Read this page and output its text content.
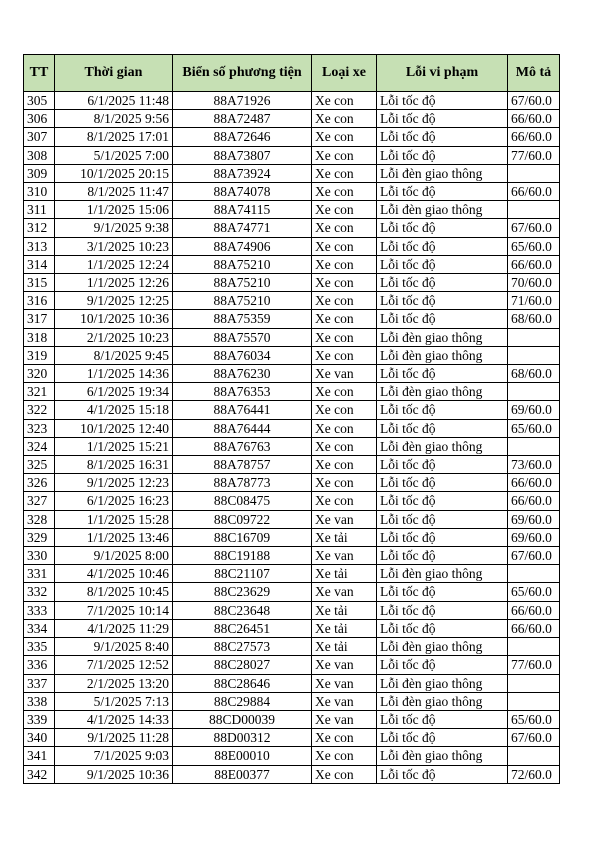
TT	Thời gian	Biển số phương tiện	Loại xe	Lỗi vi phạm	Mô tả
305	6/1/2025 11:48	88A71926	Xe con	Lỗi tốc độ	67/60.0
306	8/1/2025 9:56	88A72487	Xe con	Lỗi tốc độ	66/60.0
307	8/1/2025 17:01	88A72646	Xe con	Lỗi tốc độ	66/60.0
308	5/1/2025 7:00	88A73807	Xe con	Lỗi tốc độ	77/60.0
309	10/1/2025 20:15	88A73924	Xe con	Lỗi đèn giao thông	
310	8/1/2025 11:47	88A74078	Xe con	Lỗi tốc độ	66/60.0
311	1/1/2025 15:06	88A74115	Xe con	Lỗi đèn giao thông	
312	9/1/2025 9:38	88A74771	Xe con	Lỗi tốc độ	67/60.0
313	3/1/2025 10:23	88A74906	Xe con	Lỗi tốc độ	65/60.0
314	1/1/2025 12:24	88A75210	Xe con	Lỗi tốc độ	66/60.0
315	1/1/2025 12:26	88A75210	Xe con	Lỗi tốc độ	70/60.0
316	9/1/2025 12:25	88A75210	Xe con	Lỗi tốc độ	71/60.0
317	10/1/2025 10:36	88A75359	Xe con	Lỗi tốc độ	68/60.0
318	2/1/2025 10:23	88A75570	Xe con	Lỗi đèn giao thông	
319	8/1/2025 9:45	88A76034	Xe con	Lỗi đèn giao thông	
320	1/1/2025 14:36	88A76230	Xe van	Lỗi tốc độ	68/60.0
321	6/1/2025 19:34	88A76353	Xe con	Lỗi đèn giao thông	
322	4/1/2025 15:18	88A76441	Xe con	Lỗi tốc độ	69/60.0
323	10/1/2025 12:40	88A76444	Xe con	Lỗi tốc độ	65/60.0
324	1/1/2025 15:21	88A76763	Xe con	Lỗi đèn giao thông	
325	8/1/2025 16:31	88A78757	Xe con	Lỗi tốc độ	73/60.0
326	9/1/2025 12:23	88A78773	Xe con	Lỗi tốc độ	66/60.0
327	6/1/2025 16:23	88C08475	Xe con	Lỗi tốc độ	66/60.0
328	1/1/2025 15:28	88C09722	Xe van	Lỗi tốc độ	69/60.0
329	1/1/2025 13:46	88C16709	Xe tải	Lỗi tốc độ	69/60.0
330	9/1/2025 8:00	88C19188	Xe van	Lỗi tốc độ	67/60.0
331	4/1/2025 10:46	88C21107	Xe tải	Lỗi đèn giao thông	
332	8/1/2025 10:45	88C23629	Xe van	Lỗi tốc độ	65/60.0
333	7/1/2025 10:14	88C23648	Xe tải	Lỗi tốc độ	66/60.0
334	4/1/2025 11:29	88C26451	Xe tải	Lỗi tốc độ	66/60.0
335	9/1/2025 8:40	88C27573	Xe tải	Lỗi đèn giao thông	
336	7/1/2025 12:52	88C28027	Xe van	Lỗi tốc độ	77/60.0
337	2/1/2025 13:20	88C28646	Xe van	Lỗi đèn giao thông	
338	5/1/2025 7:13	88C29884	Xe van	Lỗi đèn giao thông	
339	4/1/2025 14:33	88CD00039	Xe van	Lỗi tốc độ	65/60.0
340	9/1/2025 11:28	88D00312	Xe con	Lỗi tốc độ	67/60.0
341	7/1/2025 9:03	88E00010	Xe con	Lỗi đèn giao thông	
342	9/1/2025 10:36	88E00377	Xe con	Lỗi tốc độ	72/60.0
